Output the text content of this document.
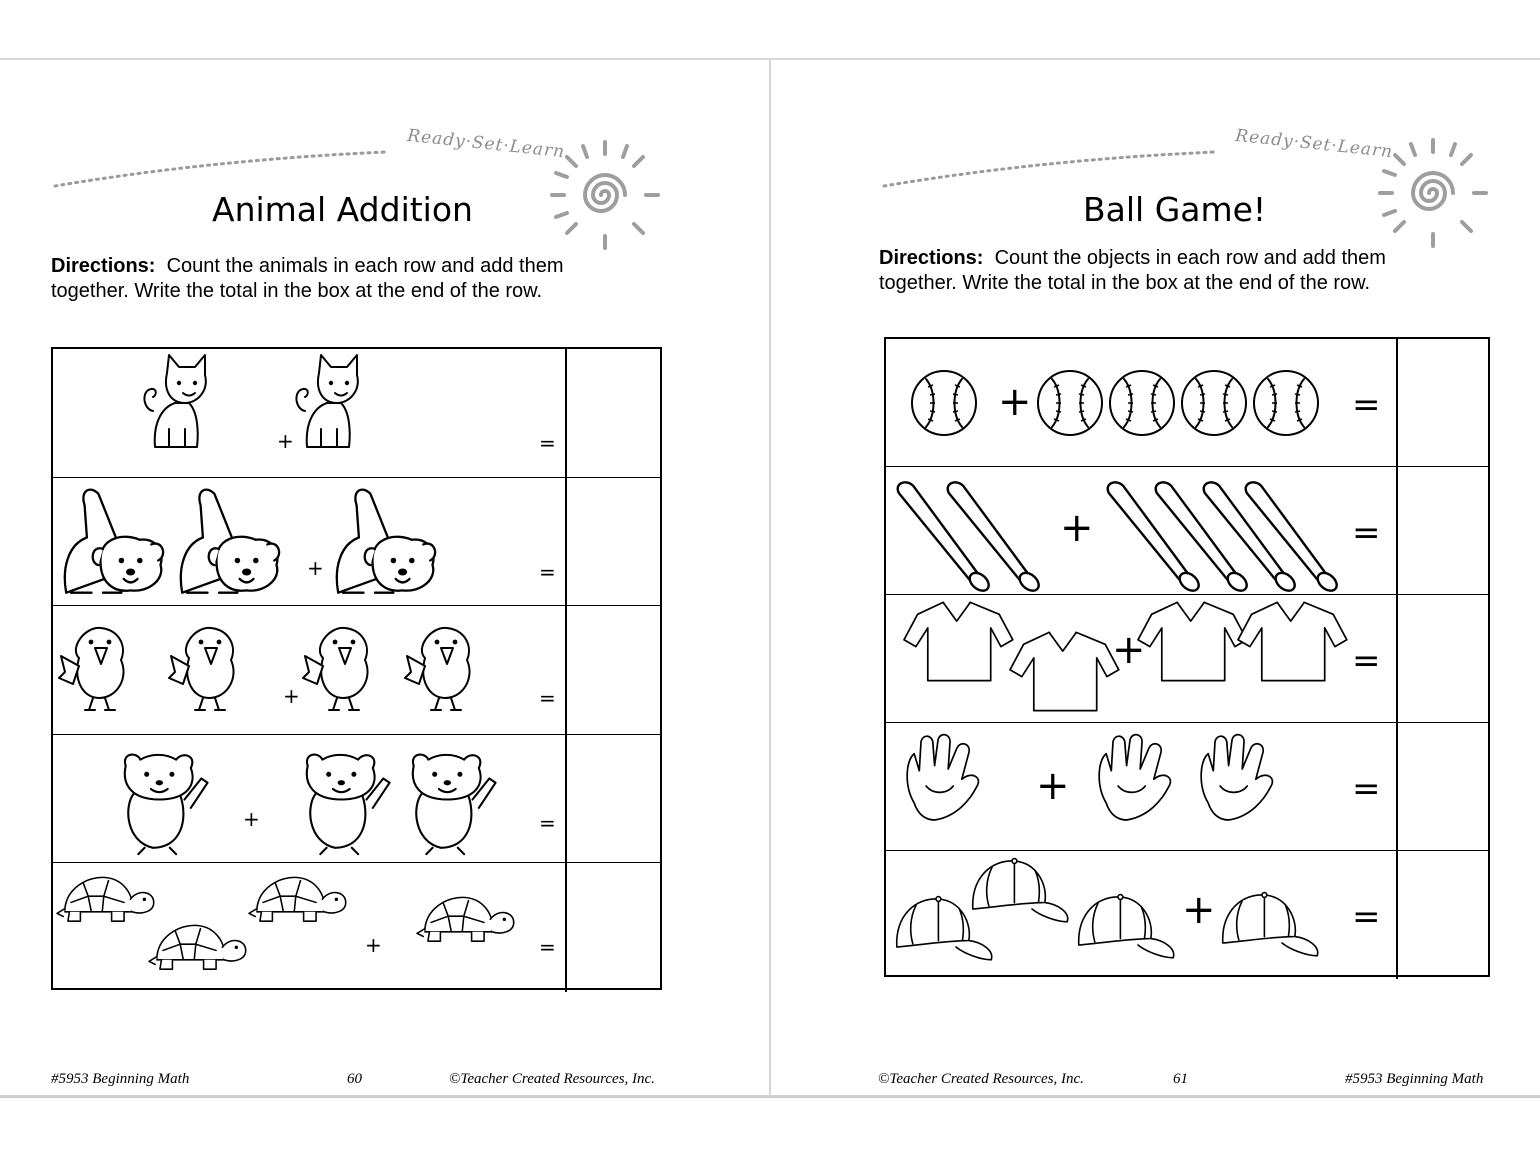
Ready·Set·Learn
Animal Addition
Directions: Count the animals in each row and add them
together. Write the total in the box at the end of the row.
+	=
+	=
+	=
+	=
+	=
#5953 Beginning Math	60	©Teacher Created Resources, Inc.
Ready·Set·Learn
Ball Game!
Directions: Count the objects in each row and add them
together. Write the total in the box at the end of the row.
+	=
+	=
+	=
+	=
+	=
©Teacher Created Resources, Inc.	61	#5953 Beginning Math
